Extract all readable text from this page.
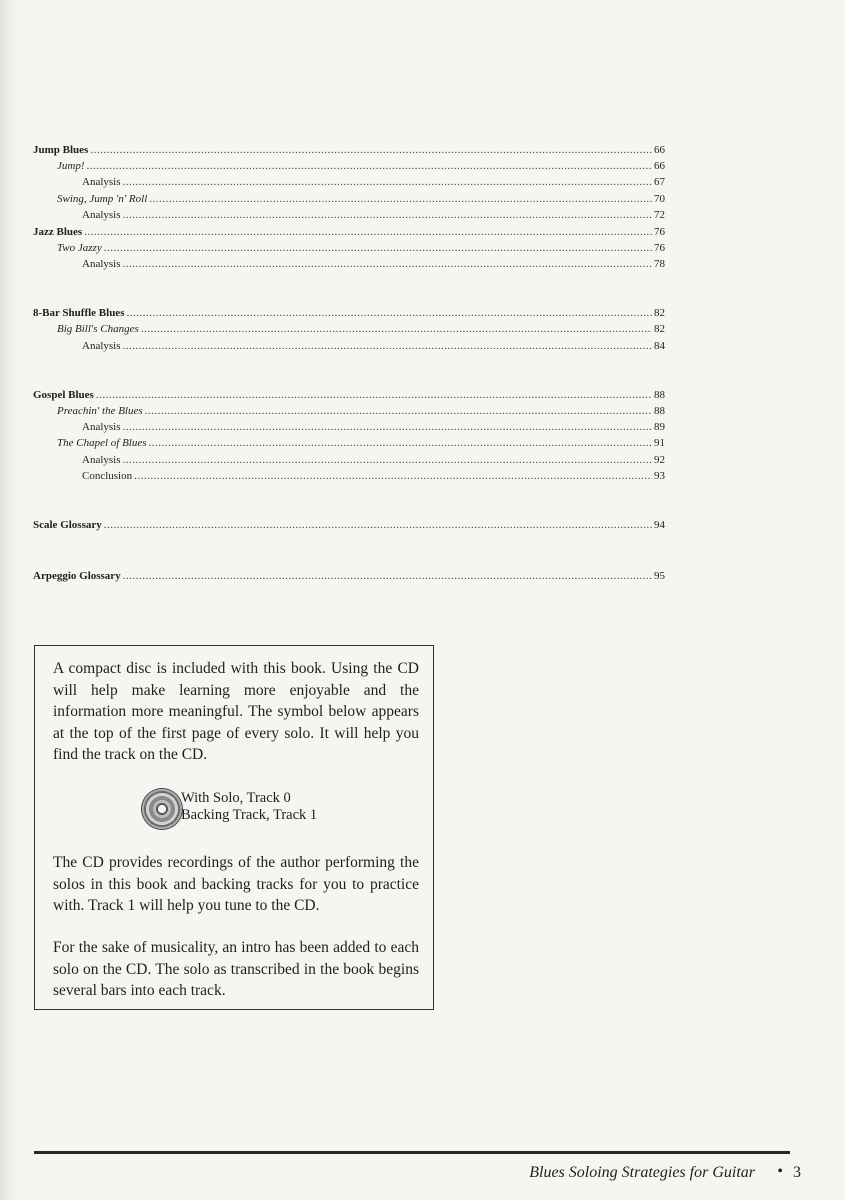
Jump Blues .....	66
Jump! .....	66
Analysis .....	67
Swing, Jump 'n' Roll .....	70
Analysis .....	72
Jazz Blues .....	76
Two Jazzy .....	76
Analysis .....	78
8-Bar Shuffle Blues .....	82
Big Bill's Changes .....	82
Analysis .....	84
Gospel Blues .....	88
Preachin' the Blues .....	88
Analysis .....	89
The Chapel of Blues .....	91
Analysis .....	92
Conclusion .....	93
Scale Glossary .....	94
Arpeggio Glossary .....	95
A compact disc is included with this book. Using the CD will help make learning more enjoyable and the information more meaningful. The symbol below appears at the top of the first page of every solo. It will help you find the track on the CD.
With Solo, Track 0
Backing Track, Track 1
The CD provides recordings of the author performing the solos in this book and backing tracks for you to practice with. Track 1 will help you tune to the CD.
For the sake of musicality, an intro has been added to each solo on the CD. The solo as transcribed in the book begins several bars into each track.
Blues Soloing Strategies for Guitar • 3
